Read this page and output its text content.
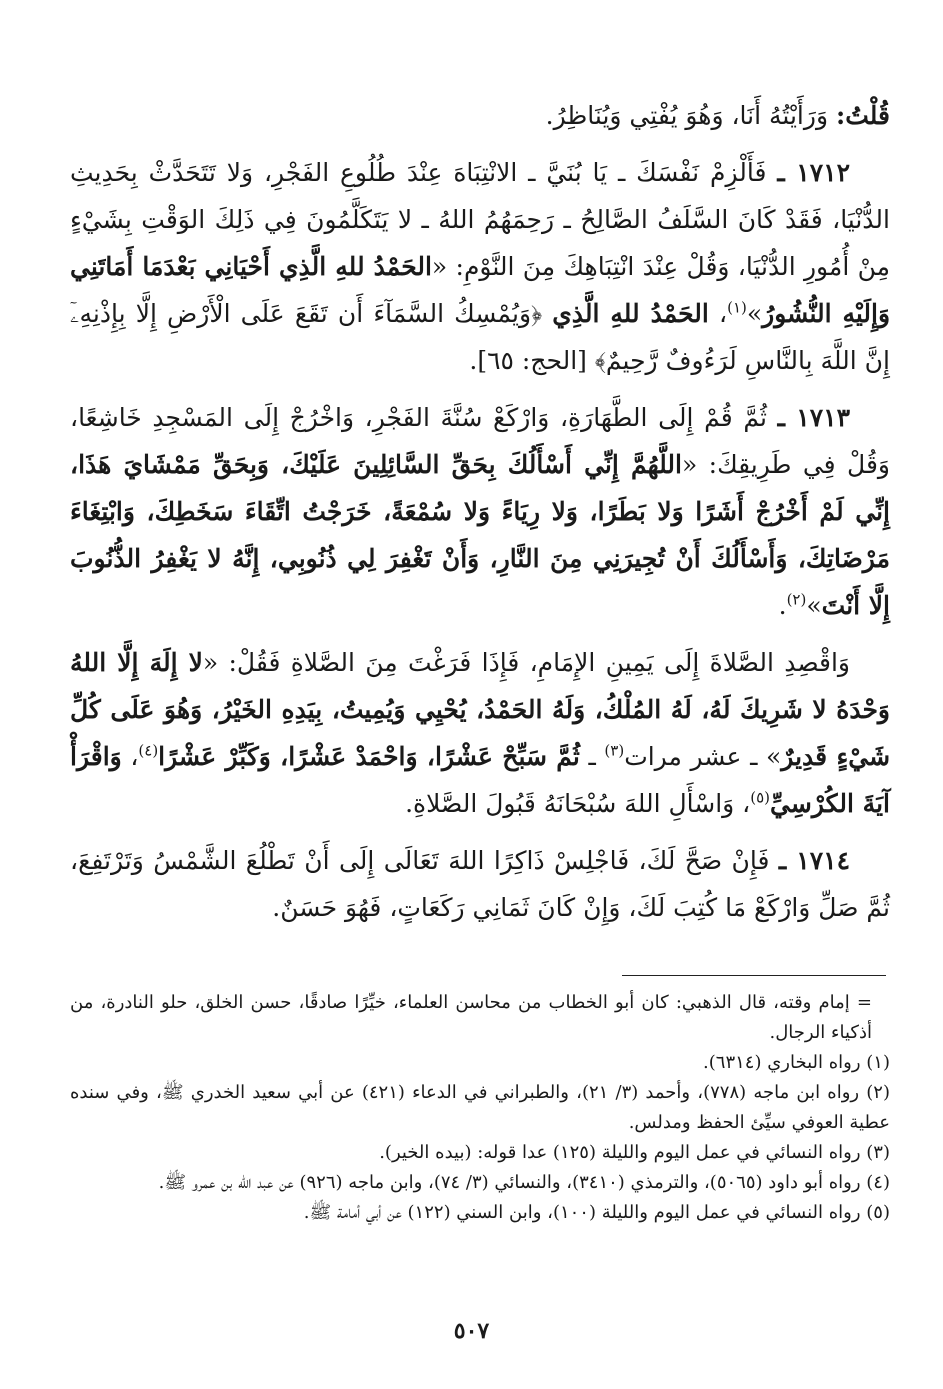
قُلْتُ: وَرَأَيْتُهُ أَنَا، وَهُوَ يُفْتِي وَيُنَاظِرُ.

١٧١٢ ـ فَأَلْزِمْ نَفْسَكَ ـ يَا بُنَيَّ ـ الانْتِبَاهَ عِنْدَ طُلُوعِ الفَجْرِ، وَلا تَتَحَدَّثْ بِحَدِيثِ الدُّنْيَا، فَقَدْ كَانَ السَّلَفُ الصَّالِحُ ـ رَحِمَهُمُ اللهُ ـ لا يَتَكَلَّمُونَ فِي ذَلِكَ الوَقْتِ بِشَيْءٍ مِنْ أُمُورِ الدُّنْيَا، وَقُلْ عِنْدَ انْتِبَاهِكَ مِنَ النَّوْمِ: «الحَمْدُ للهِ الَّذِي أَحْيَانِي بَعْدَمَا أَمَاتَنِي وَإِلَيْهِ النُّشُورُ»$^{(١)}$، الحَمْدُ للهِ الَّذِي ﴿وَيُمْسِكُ السَّمَآءَ أَن تَقَعَ عَلَى الْأَرْضِ إِلَّا بِإِذْنِهِۦٓ إِنَّ اللَّهَ بِالنَّاسِ لَرَءُوفٌ رَّحِيمٌ﴾ [الحج: ٦٥].

١٧١٣ ـ ثُمَّ قُمْ إِلَى الطَّهَارَةِ، وَارْكَعْ سُنَّةَ الفَجْرِ، وَاخْرُجْ إِلَى المَسْجِدِ خَاشِعًا، وَقُلْ فِي طَرِيقِكَ: «اللَّهُمَّ إِنِّي أَسْأَلُكَ بِحَقِّ السَّائِلِينَ عَلَيْكَ، وَبِحَقِّ مَمْشَايَ هَذَا، إِنِّي لَمْ أَخْرُجْ أَشَرًا وَلا بَطَرًا، وَلا رِيَاءً وَلا سُمْعَةً، خَرَجْتُ اتِّقَاءَ سَخَطِكَ، وَابْتِغَاءَ مَرْضَاتِكَ، وَأَسْأَلُكَ أَنْ تُجِيرَنِي مِنَ النَّارِ، وَأَنْ تَغْفِرَ لِي ذُنُوبِي، إِنَّهُ لا يَغْفِرُ الذُّنُوبَ إِلَّا أَنْتَ»$^{(٢)}$.

وَاقْصِدِ الصَّلاةَ إِلَى يَمِينِ الإِمَامِ، فَإِذَا فَرَغْتَ مِنَ الصَّلاةِ فَقُلْ: «لا إِلَهَ إِلَّا اللهُ وَحْدَهُ لا شَرِيكَ لَهُ، لَهُ المُلْكُ، وَلَهُ الحَمْدُ، يُحْيِي وَيُمِيتُ، بِيَدِهِ الخَيْرُ، وَهُوَ عَلَى كُلِّ شَيْءٍ قَدِيرٌ» ـ عشر مرات$^{(٣)}$ ـ ثُمَّ سَبِّحْ عَشْرًا، وَاحْمَدْ عَشْرًا، وَكَبِّرْ عَشْرًا$^{(٤)}$، وَاقْرَأْ آيَةَ الكُرْسِيِّ$^{(٥)}$، وَاسْأَلِ اللهَ سُبْحَانَهُ قَبُولَ الصَّلاةِ.

١٧١٤ ـ فَإِنْ صَحَّ لَكَ، فَاجْلِسْ ذَاكِرًا اللهَ تَعَالَى إِلَى أَنْ تَطْلُعَ الشَّمْسُ وَتَرْتَفِعَ، ثُمَّ صَلِّ وَارْكَعْ مَا كُتِبَ لَكَ، وَإِنْ كَانَ ثَمَانِي رَكَعَاتٍ، فَهُوَ حَسَنٌ.

= إمام وقته، قال الذهبي: كان أبو الخطاب من محاسن العلماء، خيِّرًا صادقًا، حسن الخلق، حلو النادرة، من أذكياء الرجال.

(١) رواه البخاري (٦٣١٤).

(٢) رواه ابن ماجه (٧٧٨)، وأحمد (٣/ ٢١)، والطبراني في الدعاء (٤٢١) عن أبي سعيد الخدري ﷺ، وفي سنده عطية العوفي سيِّئ الحفظ ومدلس.

(٣) رواه النسائي في عمل اليوم والليلة (١٢٥) عدا قوله: (بيده الخير).

(٤) رواه أبو داود (٥٠٦٥)، والترمذي (٣٤١٠)، والنسائي (٣/ ٧٤)، وابن ماجه (٩٢٦) عن عبد الله بن عمرو ﷺ.

(٥) رواه النسائي في عمل اليوم والليلة (١٠٠)، وابن السني (١٢٢) عن أبي أمامة ﷺ.

٥٠٧
